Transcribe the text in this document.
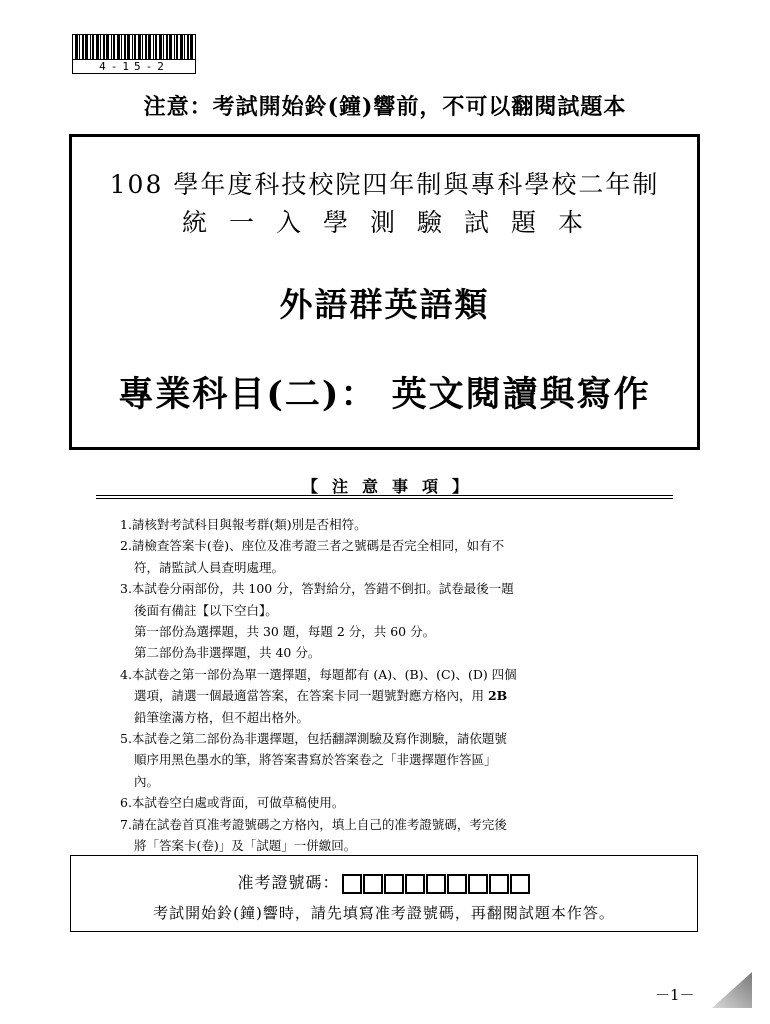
4-15-2
注意：考試開始鈴(鐘)響前，不可以翻閱試題本
108 學年度科技校院四年制與專科學校二年制
統一入學測驗試題本
外語群英語類
專業科目(二)： 英文閱讀與寫作
【注意事項】
1.請核對考試科目與報考群(類)別是否相符。
2.請檢查答案卡(卷)、座位及准考證三者之號碼是否完全相同，如有不
符，請監試人員查明處理。
3.本試卷分兩部份，共 100 分，答對給分，答錯不倒扣。試卷最後一題
後面有備註【以下空白】。
第一部份為選擇題，共 30 題，每題 2 分，共 60 分。
第二部份為非選擇題，共 40 分。
4.本試卷之第一部份為單一選擇題，每題都有 (A)、(B)、(C)、(D) 四個
選項，請選一個最適當答案，在答案卡同一題號對應方格內，用 2B
鉛筆塗滿方格，但不超出格外。
5.本試卷之第二部份為非選擇題，包括翻譯測驗及寫作測驗，請依題號
順序用黑色墨水的筆，將答案書寫於答案卷之「非選擇題作答區」
內。
6.本試卷空白處或背面，可做草稿使用。
7.請在試卷首頁准考證號碼之方格內，填上自己的准考證號碼，考完後
將「答案卡(卷)」及「試題」一併繳回。
准考證號碼：
考試開始鈴(鐘)響時，請先填寫准考證號碼，再翻閱試題本作答。
－1－
